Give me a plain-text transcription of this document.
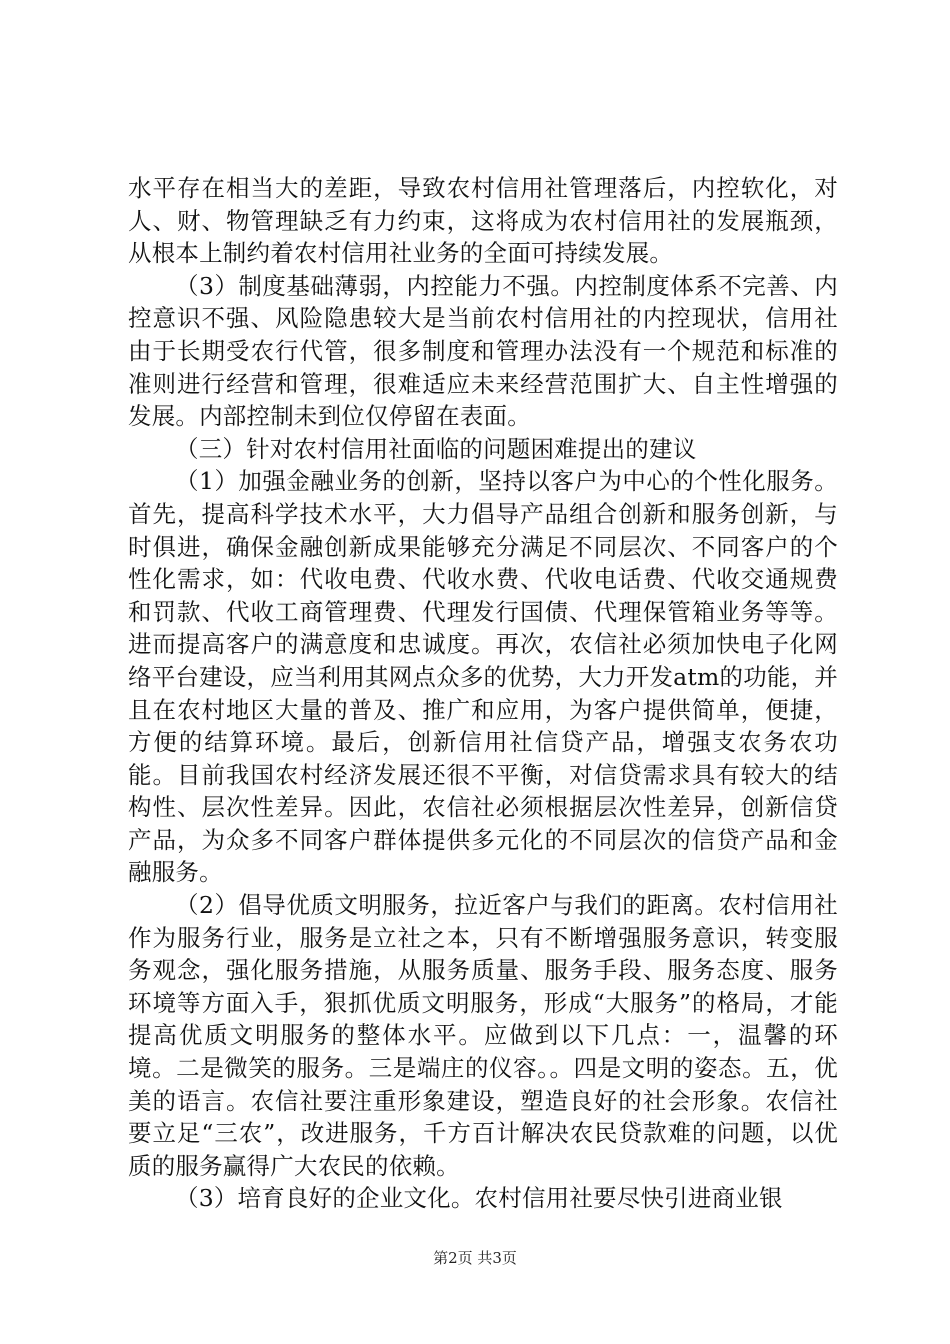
水平存在相当大的差距，导致农村信用社管理落后，内控软化，对人、财、物管理缺乏有力约束，这将成为农村信用社的发展瓶颈，从根本上制约着农村信用社业务的全面可持续发展。

（3）制度基础薄弱，内控能力不强。内控制度体系不完善、内控意识不强、风险隐患较大是当前农村信用社的内控现状，信用社由于长期受农行代管，很多制度和管理办法没有一个规范和标准的准则进行经营和管理，很难适应未来经营范围扩大、自主性增强的发展。内部控制未到位仅停留在表面。

（三）针对农村信用社面临的问题困难提出的建议

（1）加强金融业务的创新，坚持以客户为中心的个性化服务。首先，提高科学技术水平，大力倡导产品组合创新和服务创新，与时俱进，确保金融创新成果能够充分满足不同层次、不同客户的个性化需求，如：代收电费、代收水费、代收电话费、代收交通规费和罚款、代收工商管理费、代理发行国债、代理保管箱业务等等。进而提高客户的满意度和忠诚度。再次，农信社必须加快电子化网络平台建设，应当利用其网点众多的优势，大力开发atm的功能，并且在农村地区大量的普及、推广和应用，为客户提供简单，便捷，方便的结算环境。最后，创新信用社信贷产品，增强支农务农功能。目前我国农村经济发展还很不平衡，对信贷需求具有较大的结构性、层次性差异。因此，农信社必须根据层次性差异，创新信贷产品，为众多不同客户群体提供多元化的不同层次的信贷产品和金融服务。

（2）倡导优质文明服务，拉近客户与我们的距离。农村信用社作为服务行业，服务是立社之本，只有不断增强服务意识，转变服务观念，强化服务措施，从服务质量、服务手段、服务态度、服务环境等方面入手，狠抓优质文明服务，形成“大服务”的格局，才能提高优质文明服务的整体水平。应做到以下几点：一，温馨的环境。二是微笑的服务。三是端庄的仪容。。四是文明的姿态。五，优美的语言。农信社要注重形象建设，塑造良好的社会形象。农信社要立足“三农”，改进服务，千方百计解决农民贷款难的问题，以优质的服务赢得广大农民的依赖。

（3）培育良好的企业文化。农村信用社要尽快引进商业银

第2页 共3页
